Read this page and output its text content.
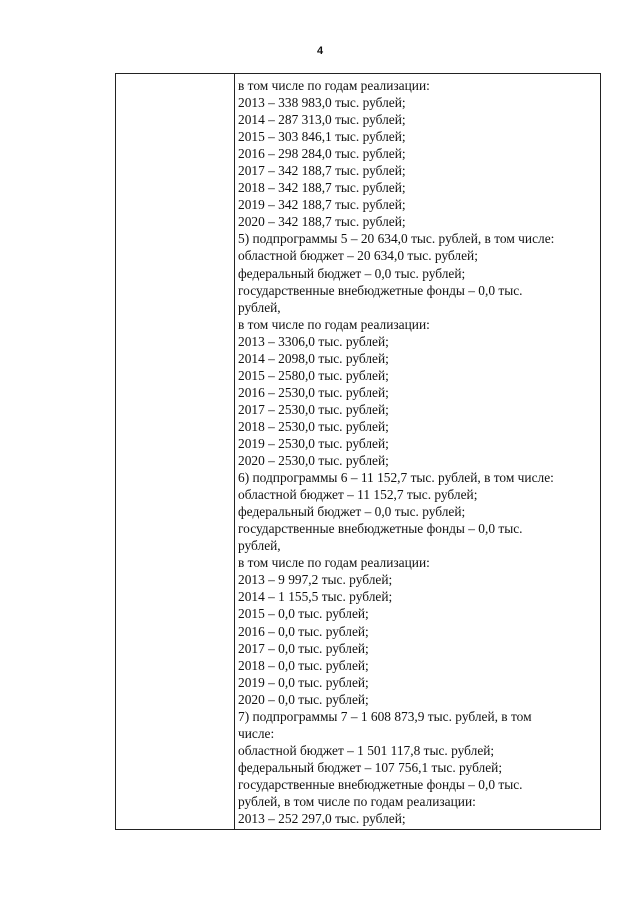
4
в том числе по годам реализации:
2013 – 338 983,0 тыс. рублей;
2014 – 287 313,0 тыс. рублей;
2015 – 303 846,1 тыс. рублей;
2016 – 298 284,0 тыс. рублей;
2017 – 342 188,7 тыс. рублей;
2018 – 342 188,7 тыс. рублей;
2019 – 342 188,7 тыс. рублей;
2020 – 342 188,7 тыс. рублей;
5) подпрограммы 5 – 20 634,0 тыс. рублей, в том числе:
областной бюджет – 20 634,0 тыс. рублей;
федеральный бюджет – 0,0 тыс. рублей;
государственные внебюджетные фонды – 0,0 тыс.
рублей,
в том числе по годам реализации:
2013 – 3306,0 тыс. рублей;
2014 – 2098,0 тыс. рублей;
2015 – 2580,0 тыс. рублей;
2016 – 2530,0 тыс. рублей;
2017 – 2530,0 тыс. рублей;
2018 – 2530,0 тыс. рублей;
2019 – 2530,0 тыс. рублей;
2020 – 2530,0 тыс. рублей;
6) подпрограммы 6 – 11 152,7 тыс. рублей, в том числе:
областной бюджет – 11 152,7 тыс. рублей;
федеральный бюджет – 0,0 тыс. рублей;
государственные внебюджетные фонды – 0,0 тыс.
рублей,
в том числе по годам реализации:
2013 – 9 997,2 тыс. рублей;
2014 – 1 155,5 тыс. рублей;
2015 – 0,0 тыс. рублей;
2016 – 0,0 тыс. рублей;
2017 – 0,0 тыс. рублей;
2018 – 0,0 тыс. рублей;
2019 – 0,0 тыс. рублей;
2020 – 0,0 тыс. рублей;
7) подпрограммы 7 – 1 608 873,9 тыс. рублей, в том
числе:
областной бюджет – 1 501 117,8 тыс. рублей;
федеральный бюджет – 107 756,1 тыс. рублей;
государственные внебюджетные фонды – 0,0 тыс.
рублей, в том числе по годам реализации:
2013 – 252 297,0 тыс. рублей;
